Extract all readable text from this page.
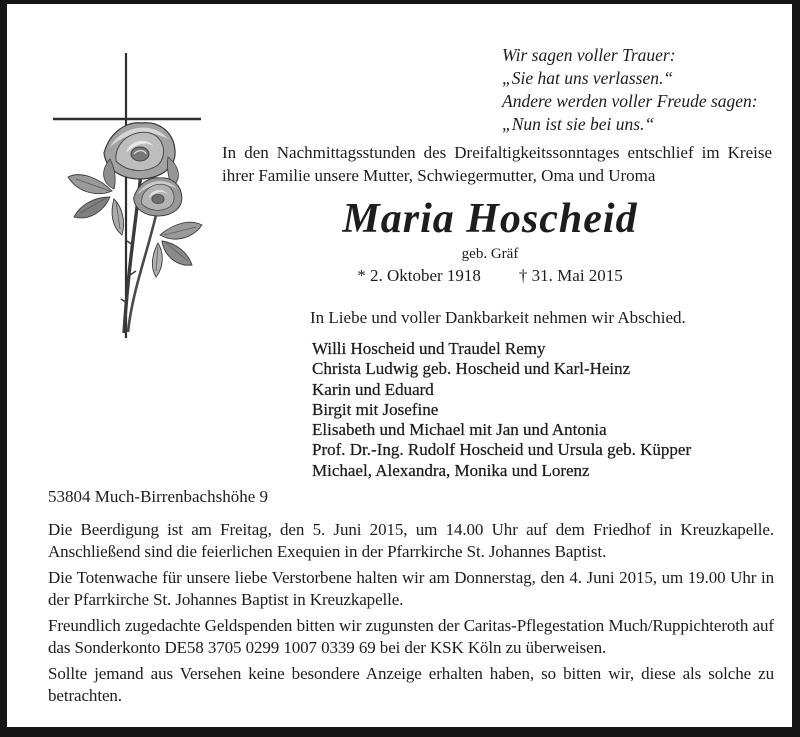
Wir sagen voller Trauer:
„Sie hat uns verlassen.“
Andere werden voller Freude sagen:
„Nun ist sie bei uns.“
In den Nachmittagsstunden des Dreifaltigkeitssonntages entschlief im Kreise ihrer Familie unsere Mutter, Schwiegermutter, Oma und Uroma
Maria Hoscheid
geb. Gräf
* 2. Oktober 1918 † 31. Mai 2015
In Liebe und voller Dankbarkeit nehmen wir Abschied.
Willi Hoscheid und Traudel Remy
Christa Ludwig geb. Hoscheid und Karl-Heinz
Karin und Eduard
Birgit mit Josefine
Elisabeth und Michael mit Jan und Antonia
Prof. Dr.-Ing. Rudolf Hoscheid und Ursula geb. Küpper
Michael, Alexandra, Monika und Lorenz
53804 Much-Birrenbachshöhe 9

Die Beerdigung ist am Freitag, den 5. Juni 2015, um 14.00 Uhr auf dem Friedhof in Kreuzkapelle. Anschließend sind die feierlichen Exequien in der Pfarrkirche St. Johannes Baptist.

Die Totenwache für unsere liebe Verstorbene halten wir am Donnerstag, den 4. Juni 2015, um 19.00 Uhr in der Pfarrkirche St. Johannes Baptist in Kreuzkapelle.

Freundlich zugedachte Geldspenden bitten wir zugunsten der Caritas-Pflegestation Much/Ruppichteroth auf das Sonderkonto DE58 3705 0299 1007 0339 69 bei der KSK Köln zu überweisen.

Sollte jemand aus Versehen keine besondere Anzeige erhalten haben, so bitten wir, diese als solche zu betrachten.
